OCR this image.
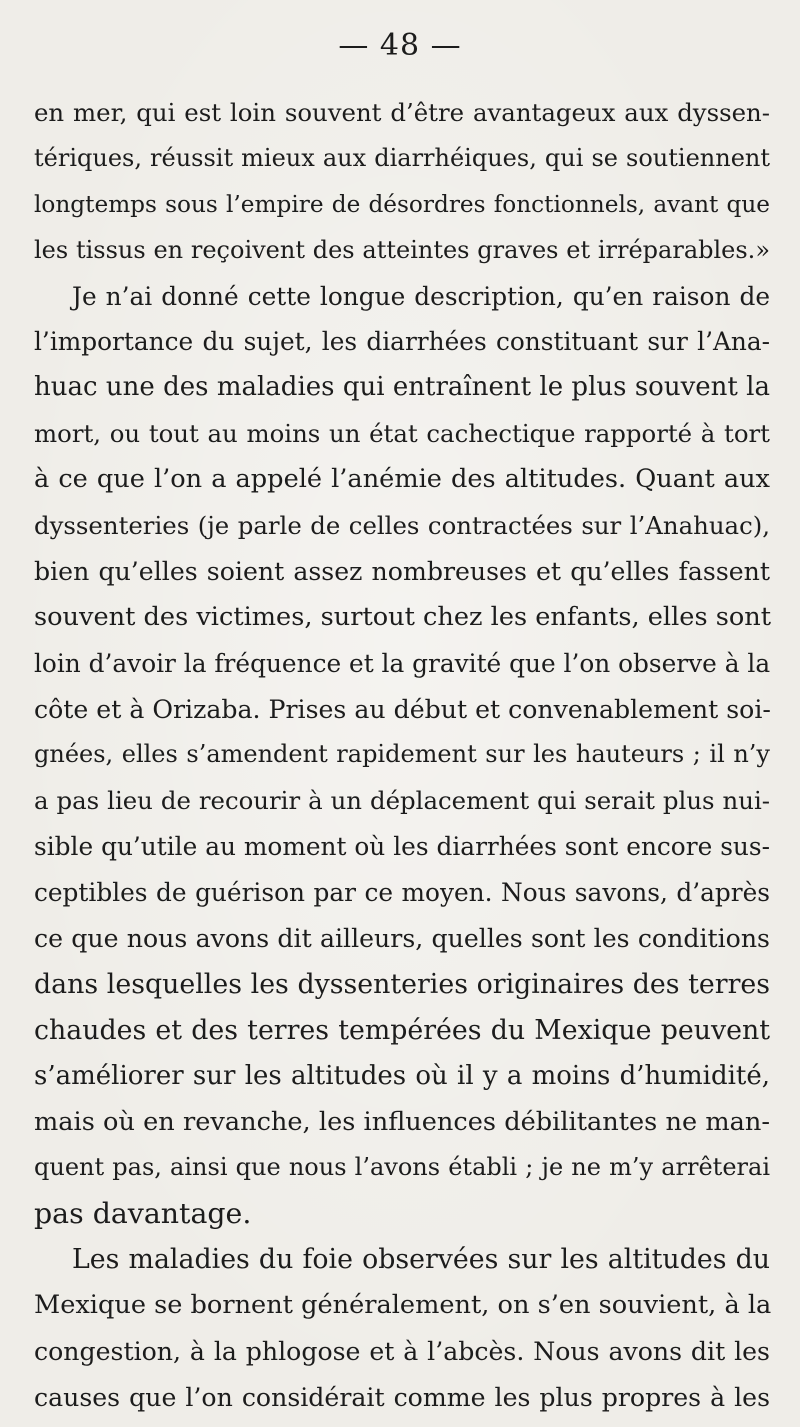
— 48 —
en mer, qui est loin souvent d’être avantageux aux dyssen-
tériques, réussit mieux aux diarrhéiques, qui se soutiennent
longtemps sous l’empire de désordres fonctionnels, avant que
les tissus en reçoivent des atteintes graves et irréparables.»
Je n’ai donné cette longue description, qu’en raison de
l’importance du sujet, les diarrhées constituant sur l’Ana-
huac une des maladies qui entraînent le plus souvent la
mort, ou tout au moins un état cachectique rapporté à tort
à ce que l’on a appelé l’anémie des altitudes. Quant aux
dyssenteries (je parle de celles contractées sur l’Anahuac),
bien qu’elles soient assez nombreuses et qu’elles fassent
souvent des victimes, surtout chez les enfants, elles sont
loin d’avoir la fréquence et la gravité que l’on observe à la
côte et à Orizaba. Prises au début et convenablement soi-
gnées, elles s’amendent rapidement sur les hauteurs ; il n’y
a pas lieu de recourir à un déplacement qui serait plus nui-
sible qu’utile au moment où les diarrhées sont encore sus-
ceptibles de guérison par ce moyen. Nous savons, d’après
ce que nous avons dit ailleurs, quelles sont les conditions
dans lesquelles les dyssenteries originaires des terres
chaudes et des terres tempérées du Mexique peuvent
s’améliorer sur les altitudes où il y a moins d’humidité,
mais où en revanche, les influences débilitantes ne man-
quent pas, ainsi que nous l’avons établi ; je ne m’y arrêterai
pas davantage.
Les maladies du foie observées sur les altitudes du
Mexique se bornent généralement, on s’en souvient, à la
congestion, à la phlogose et à l’abcès. Nous avons dit les
causes que l’on considérait comme les plus propres à les
